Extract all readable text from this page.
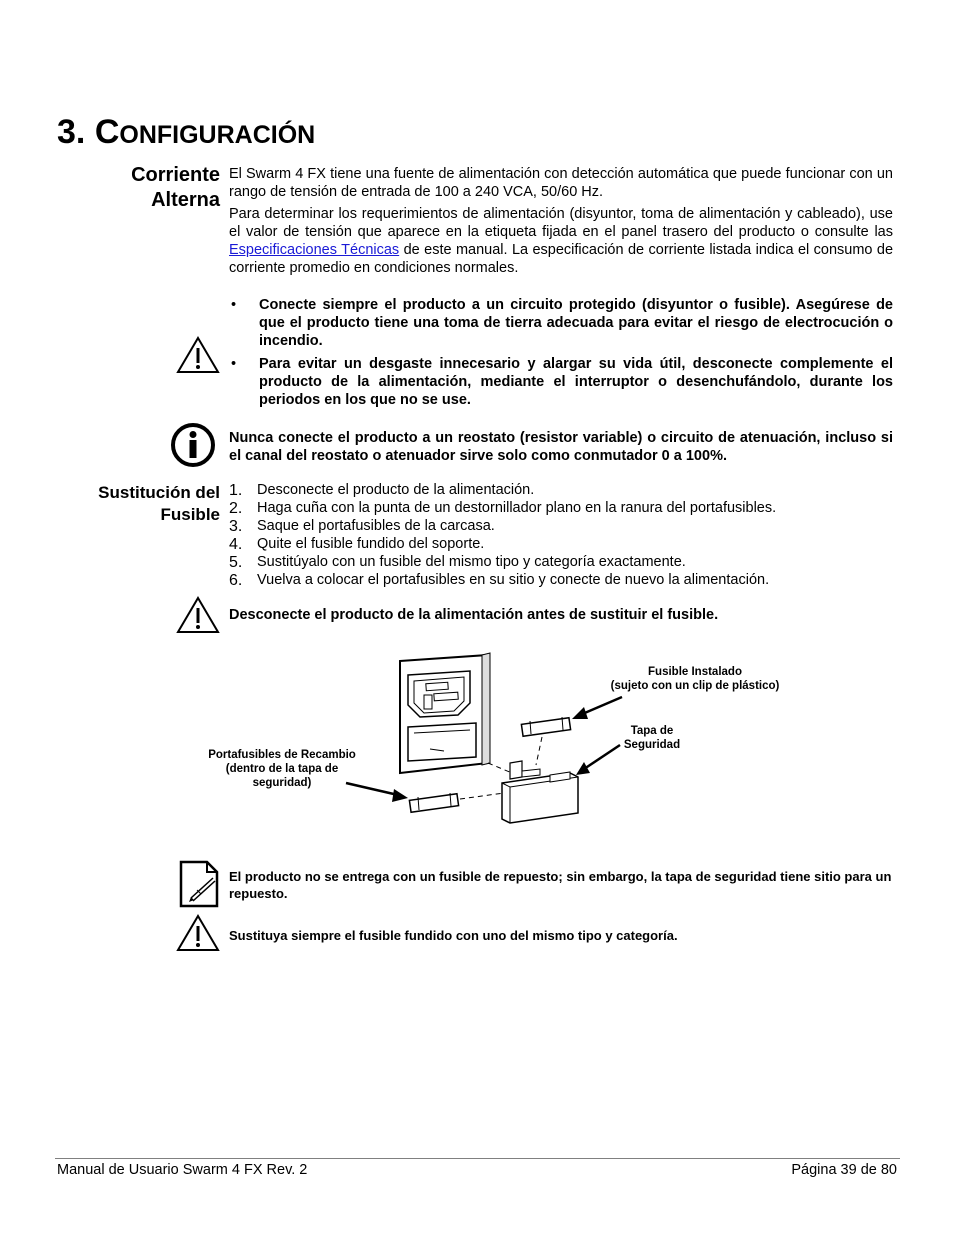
3. CONFIGURACIÓN
Corriente
Alterna

El Swarm 4 FX tiene una fuente de alimentación con detección automática que puede funcionar con un rango de tensión de entrada de 100 a 240 VCA, 50/60 Hz.

Para determinar los requerimientos de alimentación (disyuntor, toma de alimentación y cableado), use el valor de tensión que aparece en la etiqueta fijada en el panel trasero del producto o consulte las Especificaciones Técnicas de este manual. La especificación de corriente listada indica el consumo de corriente promedio en condiciones normales.

• Conecte siempre el producto a un circuito protegido (disyuntor o fusible). Asegúrese de que el producto tiene una toma de tierra adecuada para evitar el riesgo de electrocución o incendio.
• Para evitar un desgaste innecesario y alargar su vida útil, desconecte complemente el producto de la alimentación, mediante el interruptor o desenchufándolo, durante los periodos en los que no se use.
Nunca conecte el producto a un reostato (resistor variable) o circuito de atenuación, incluso si el canal del reostato o atenuador sirve solo como conmutador 0 a 100%.
Sustitución del
Fusible
1. Desconecte el producto de la alimentación.
2. Haga cuña con la punta de un destornillador plano en la ranura del portafusibles.
3. Saque el portafusibles de la carcasa.
4. Quite el fusible fundido del soporte.
5. Sustitúyalo con un fusible del mismo tipo y categoría exactamente.
6. Vuelva a colocar el portafusibles en su sitio y conecte de nuevo la alimentación.
Desconecte el producto de la alimentación antes de sustituir el fusible.
Fusible Instalado
(sujeto con un clip de plástico)
Tapa de
Seguridad
Portafusibles de Recambio
(dentro de la tapa de
seguridad)
El producto no se entrega con un fusible de repuesto; sin embargo, la tapa de seguridad tiene sitio para un repuesto.
Sustituya siempre el fusible fundido con uno del mismo tipo y categoría.
Manual de Usuario Swarm 4 FX Rev. 2	Página 39 de 80
